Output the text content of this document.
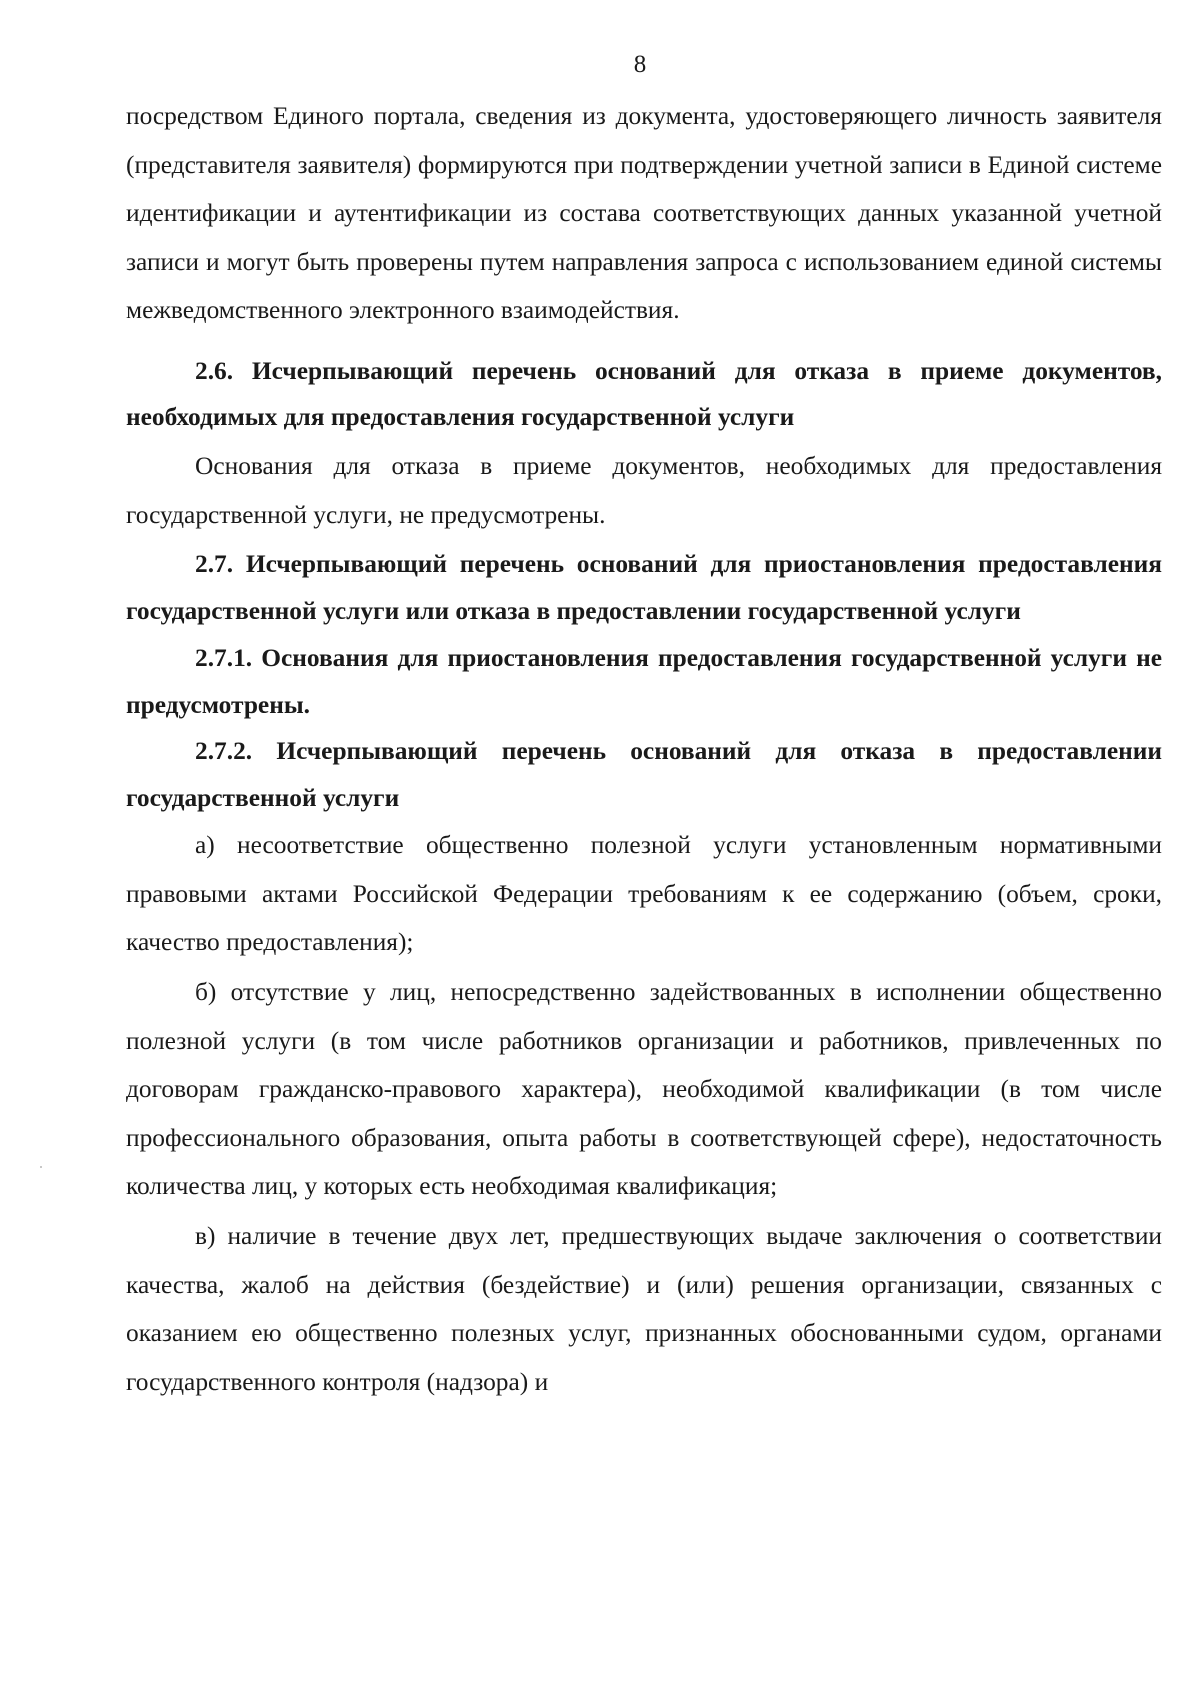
8

посредством Единого портала, сведения из документа, удостоверяющего личность заявителя (представителя заявителя) формируются при подтверждении учетной записи в Единой системе идентификации и аутентификации из состава соответствующих данных указанной учетной записи и могут быть проверены путем направления запроса с использованием единой системы межведомственного электронного взаимодействия.

2.6. Исчерпывающий перечень оснований для отказа в приеме документов, необходимых для предоставления государственной услуги

Основания для отказа в приеме документов, необходимых для предоставления государственной услуги, не предусмотрены.

2.7. Исчерпывающий перечень оснований для приостановления предоставления государственной услуги или отказа в предоставлении государственной услуги

2.7.1. Основания для приостановления предоставления государственной услуги не предусмотрены.

2.7.2. Исчерпывающий перечень оснований для отказа в предоставлении государственной услуги

а) несоответствие общественно полезной услуги установленным нормативными правовыми актами Российской Федерации требованиям к ее содержанию (объем, сроки, качество предоставления);

б) отсутствие у лиц, непосредственно задействованных в исполнении общественно полезной услуги (в том числе работников организации и работников, привлеченных по договорам гражданско-правового характера), необходимой квалификации (в том числе профессионального образования, опыта работы в соответствующей сфере), недостаточность количества лиц, у которых есть необходимая квалификация;

в) наличие в течение двух лет, предшествующих выдаче заключения о соответствии качества, жалоб на действия (бездействие) и (или) решения организации, связанных с оказанием ею общественно полезных услуг, признанных обоснованными судом, органами государственного контроля (надзора) и
